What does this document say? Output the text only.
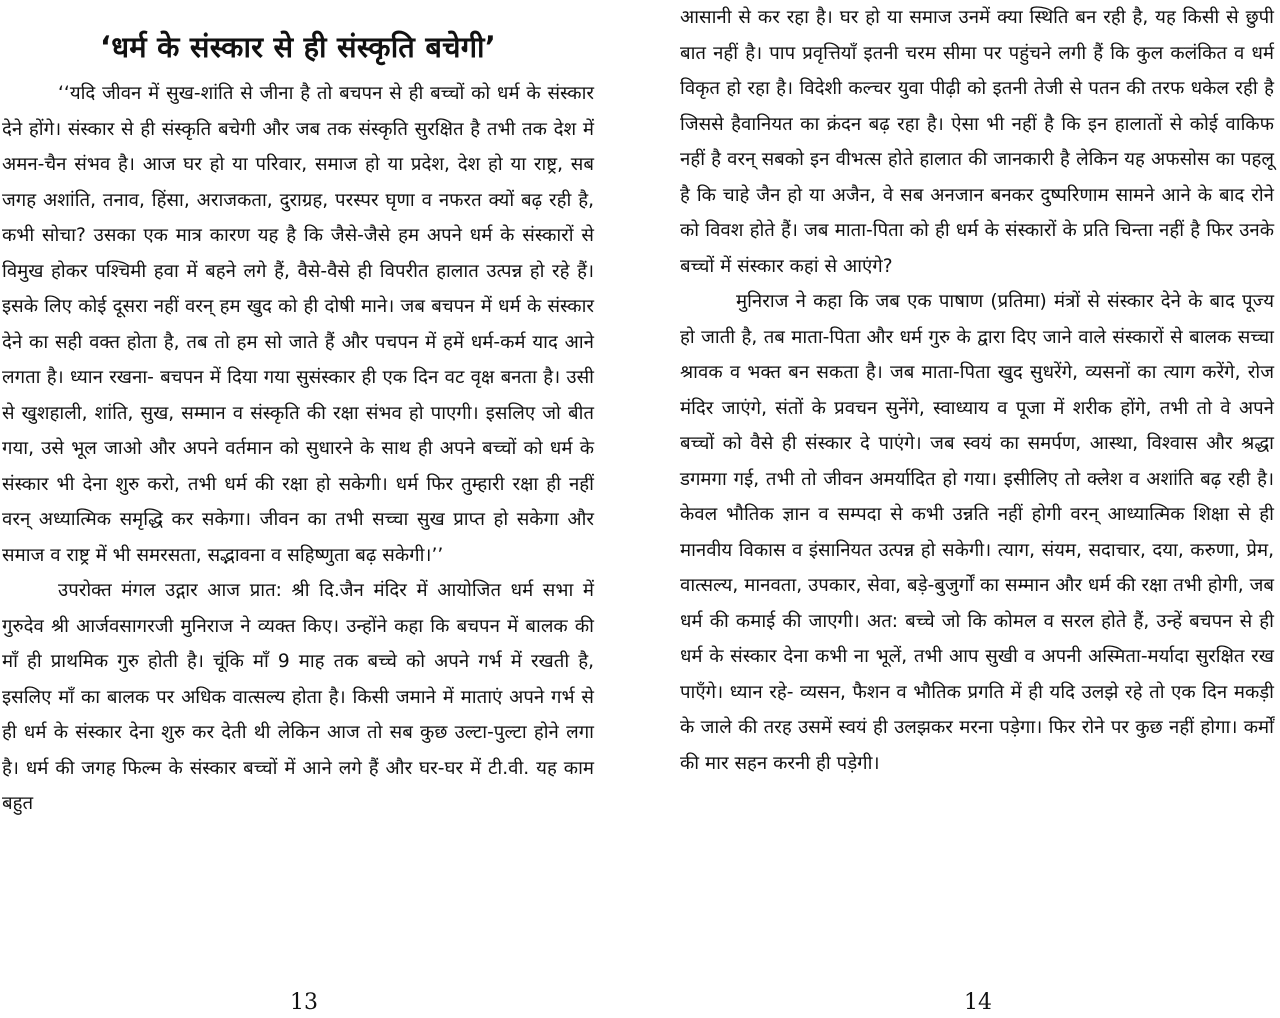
‘धर्म के संस्कार से ही संस्कृति बचेगी’

‘‘यदि जीवन में सुख-शांति से जीना है तो बचपन से ही बच्चों को धर्म के संस्कार देने होंगे। संस्कार से ही संस्कृति बचेगी और जब तक संस्कृति सुरक्षित है तभी तक देश में अमन-चैन संभव है। आज घर हो या परिवार, समाज हो या प्रदेश, देश हो या राष्ट्र, सब जगह अशांति, तनाव, हिंसा, अराजकता, दुराग्रह, परस्पर घृणा व नफरत क्यों बढ़ रही है, कभी सोचा? उसका एक मात्र कारण यह है कि जैसे-जैसे हम अपने धर्म के संस्कारों से विमुख होकर पश्चिमी हवा में बहने लगे हैं, वैसे-वैसे ही विपरीत हालात उत्पन्न हो रहे हैं। इसके लिए कोई दूसरा नहीं वरन् हम खुद को ही दोषी माने। जब बचपन में धर्म के संस्कार देने का सही वक्त होता है, तब तो हम सो जाते हैं और पचपन में हमें धर्म-कर्म याद आने लगता है। ध्यान रखना- बचपन में दिया गया सुसंस्कार ही एक दिन वट वृक्ष बनता है। उसी से खुशहाली, शांति, सुख, सम्मान व संस्कृति की रक्षा संभव हो पाएगी। इसलिए जो बीत गया, उसे भूल जाओ और अपने वर्तमान को सुधारने के साथ ही अपने बच्चों को धर्म के संस्कार भी देना शुरु करो, तभी धर्म की रक्षा हो सकेगी। धर्म फिर तुम्हारी रक्षा ही नहीं वरन् अध्यात्मिक समृद्धि कर सकेगा। जीवन का तभी सच्चा सुख प्राप्त हो सकेगा और समाज व राष्ट्र में भी समरसता, सद्भावना व सहिष्णुता बढ़ सकेगी।’’

उपरोक्त मंगल उद्गार आज प्रात: श्री दि.जैन मंदिर में आयोजित धर्म सभा में गुरुदेव श्री आर्जवसागरजी मुनिराज ने व्यक्त किए। उन्होंने कहा कि बचपन में बालक की माँ ही प्राथमिक गुरु होती है। चूंकि माँ 9 माह तक बच्चे को अपने गर्भ में रखती है, इसलिए माँ का बालक पर अधिक वात्सल्य होता है। किसी जमाने में माताएं अपने गर्भ से ही धर्म के संस्कार देना शुरु कर देती थी लेकिन आज तो सब कुछ उल्टा-पुल्टा होने लगा है। धर्म की जगह फिल्म के संस्कार बच्चों में आने लगे हैं और घर-घर में टी.वी. यह काम बहुत

13

आसानी से कर रहा है। घर हो या समाज उनमें क्या स्थिति बन रही है, यह किसी से छुपी बात नहीं है। पाप प्रवृत्तियाँ इतनी चरम सीमा पर पहुंचने लगी हैं कि कुल कलंकित व धर्म विकृत हो रहा है। विदेशी कल्चर युवा पीढ़ी को इतनी तेजी से पतन की तरफ धकेल रही है जिससे हैवानियत का क्रंदन बढ़ रहा है। ऐसा भी नहीं है कि इन हालातों से कोई वाकिफ नहीं है वरन् सबको इन वीभत्स होते हालात की जानकारी है लेकिन यह अफसोस का पहलू है कि चाहे जैन हो या अजैन, वे सब अनजान बनकर दुष्परिणाम सामने आने के बाद रोने को विवश होते हैं। जब माता-पिता को ही धर्म के संस्कारों के प्रति चिन्ता नहीं है फिर उनके बच्चों में संस्कार कहां से आएंगे?

मुनिराज ने कहा कि जब एक पाषाण (प्रतिमा) मंत्रों से संस्कार देने के बाद पूज्य हो जाती है, तब माता-पिता और धर्म गुरु के द्वारा दिए जाने वाले संस्कारों से बालक सच्चा श्रावक व भक्त बन सकता है। जब माता-पिता खुद सुधरेंगे, व्यसनों का त्याग करेंगे, रोज मंदिर जाएंगे, संतों के प्रवचन सुनेंगे, स्वाध्याय व पूजा में शरीक होंगे, तभी तो वे अपने बच्चों को वैसे ही संस्कार दे पाएंगे। जब स्वयं का समर्पण, आस्था, विश्वास और श्रद्धा डगमगा गई, तभी तो जीवन अमर्यादित हो गया। इसीलिए तो क्लेश व अशांति बढ़ रही है। केवल भौतिक ज्ञान व सम्पदा से कभी उन्नति नहीं होगी वरन् आध्यात्मिक शिक्षा से ही मानवीय विकास व इंसानियत उत्पन्न हो सकेगी। त्याग, संयम, सदाचार, दया, करुणा, प्रेम, वात्सल्य, मानवता, उपकार, सेवा, बड़े-बुजुर्गों का सम्मान और धर्म की रक्षा तभी होगी, जब धर्म की कमाई की जाएगी। अत: बच्चे जो कि कोमल व सरल होते हैं, उन्हें बचपन से ही धर्म के संस्कार देना कभी ना भूलें, तभी आप सुखी व अपनी अस्मिता-मर्यादा सुरक्षित रख पाएँगे। ध्यान रहे- व्यसन, फैशन व भौतिक प्रगति में ही यदि उलझे रहे तो एक दिन मकड़ी के जाले की तरह उसमें स्वयं ही उलझकर मरना पड़ेगा। फिर रोने पर कुछ नहीं होगा। कर्मों की मार सहन करनी ही पड़ेगी।

14
